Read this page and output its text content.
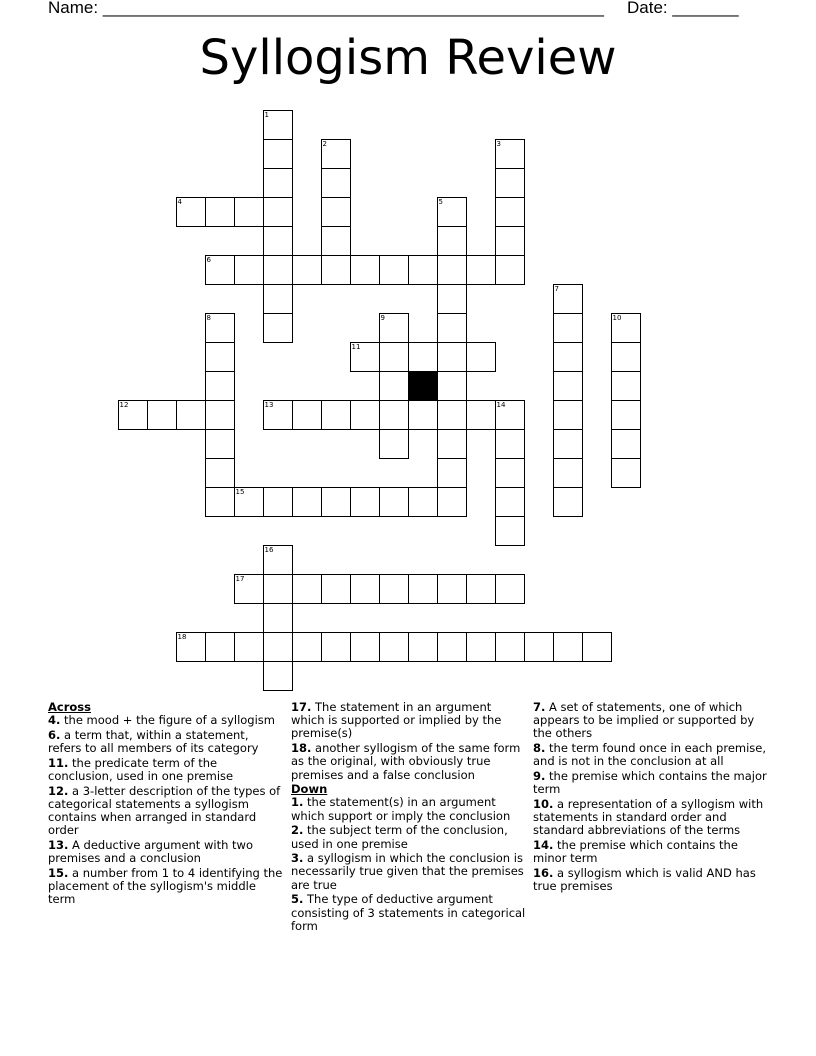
Name: _____________________________________________________ Date: _______
Syllogism Review
1
2	3
4	5
6
7
8	9	10
11
12	13	14
15
16
17
18
Across
4. the mood + the figure of a syllogism
6. a term that, within a statement, refers to all members of its category
11. the predicate term of the conclusion, used in one premise
12. a 3-letter description of the types of categorical statements a syllogism contains when arranged in standard order
13. A deductive argument with two premises and a conclusion
15. a number from 1 to 4 identifying the placement of the syllogism's middle term
17. The statement in an argument which is supported or implied by the premise(s)
18. another syllogism of the same form as the original, with obviously true premises and a false conclusion
Down
1. the statement(s) in an argument which support or imply the conclusion
2. the subject term of the conclusion, used in one premise
3. a syllogism in which the conclusion is necessarily true given that the premises are true
5. The type of deductive argument consisting of 3 statements in categorical form
7. A set of statements, one of which appears to be implied or supported by the others
8. the term found once in each premise, and is not in the conclusion at all
9. the premise which contains the major term
10. a representation of a syllogism with statements in standard order and standard abbreviations of the terms
14. the premise which contains the minor term
16. a syllogism which is valid AND has true premises
